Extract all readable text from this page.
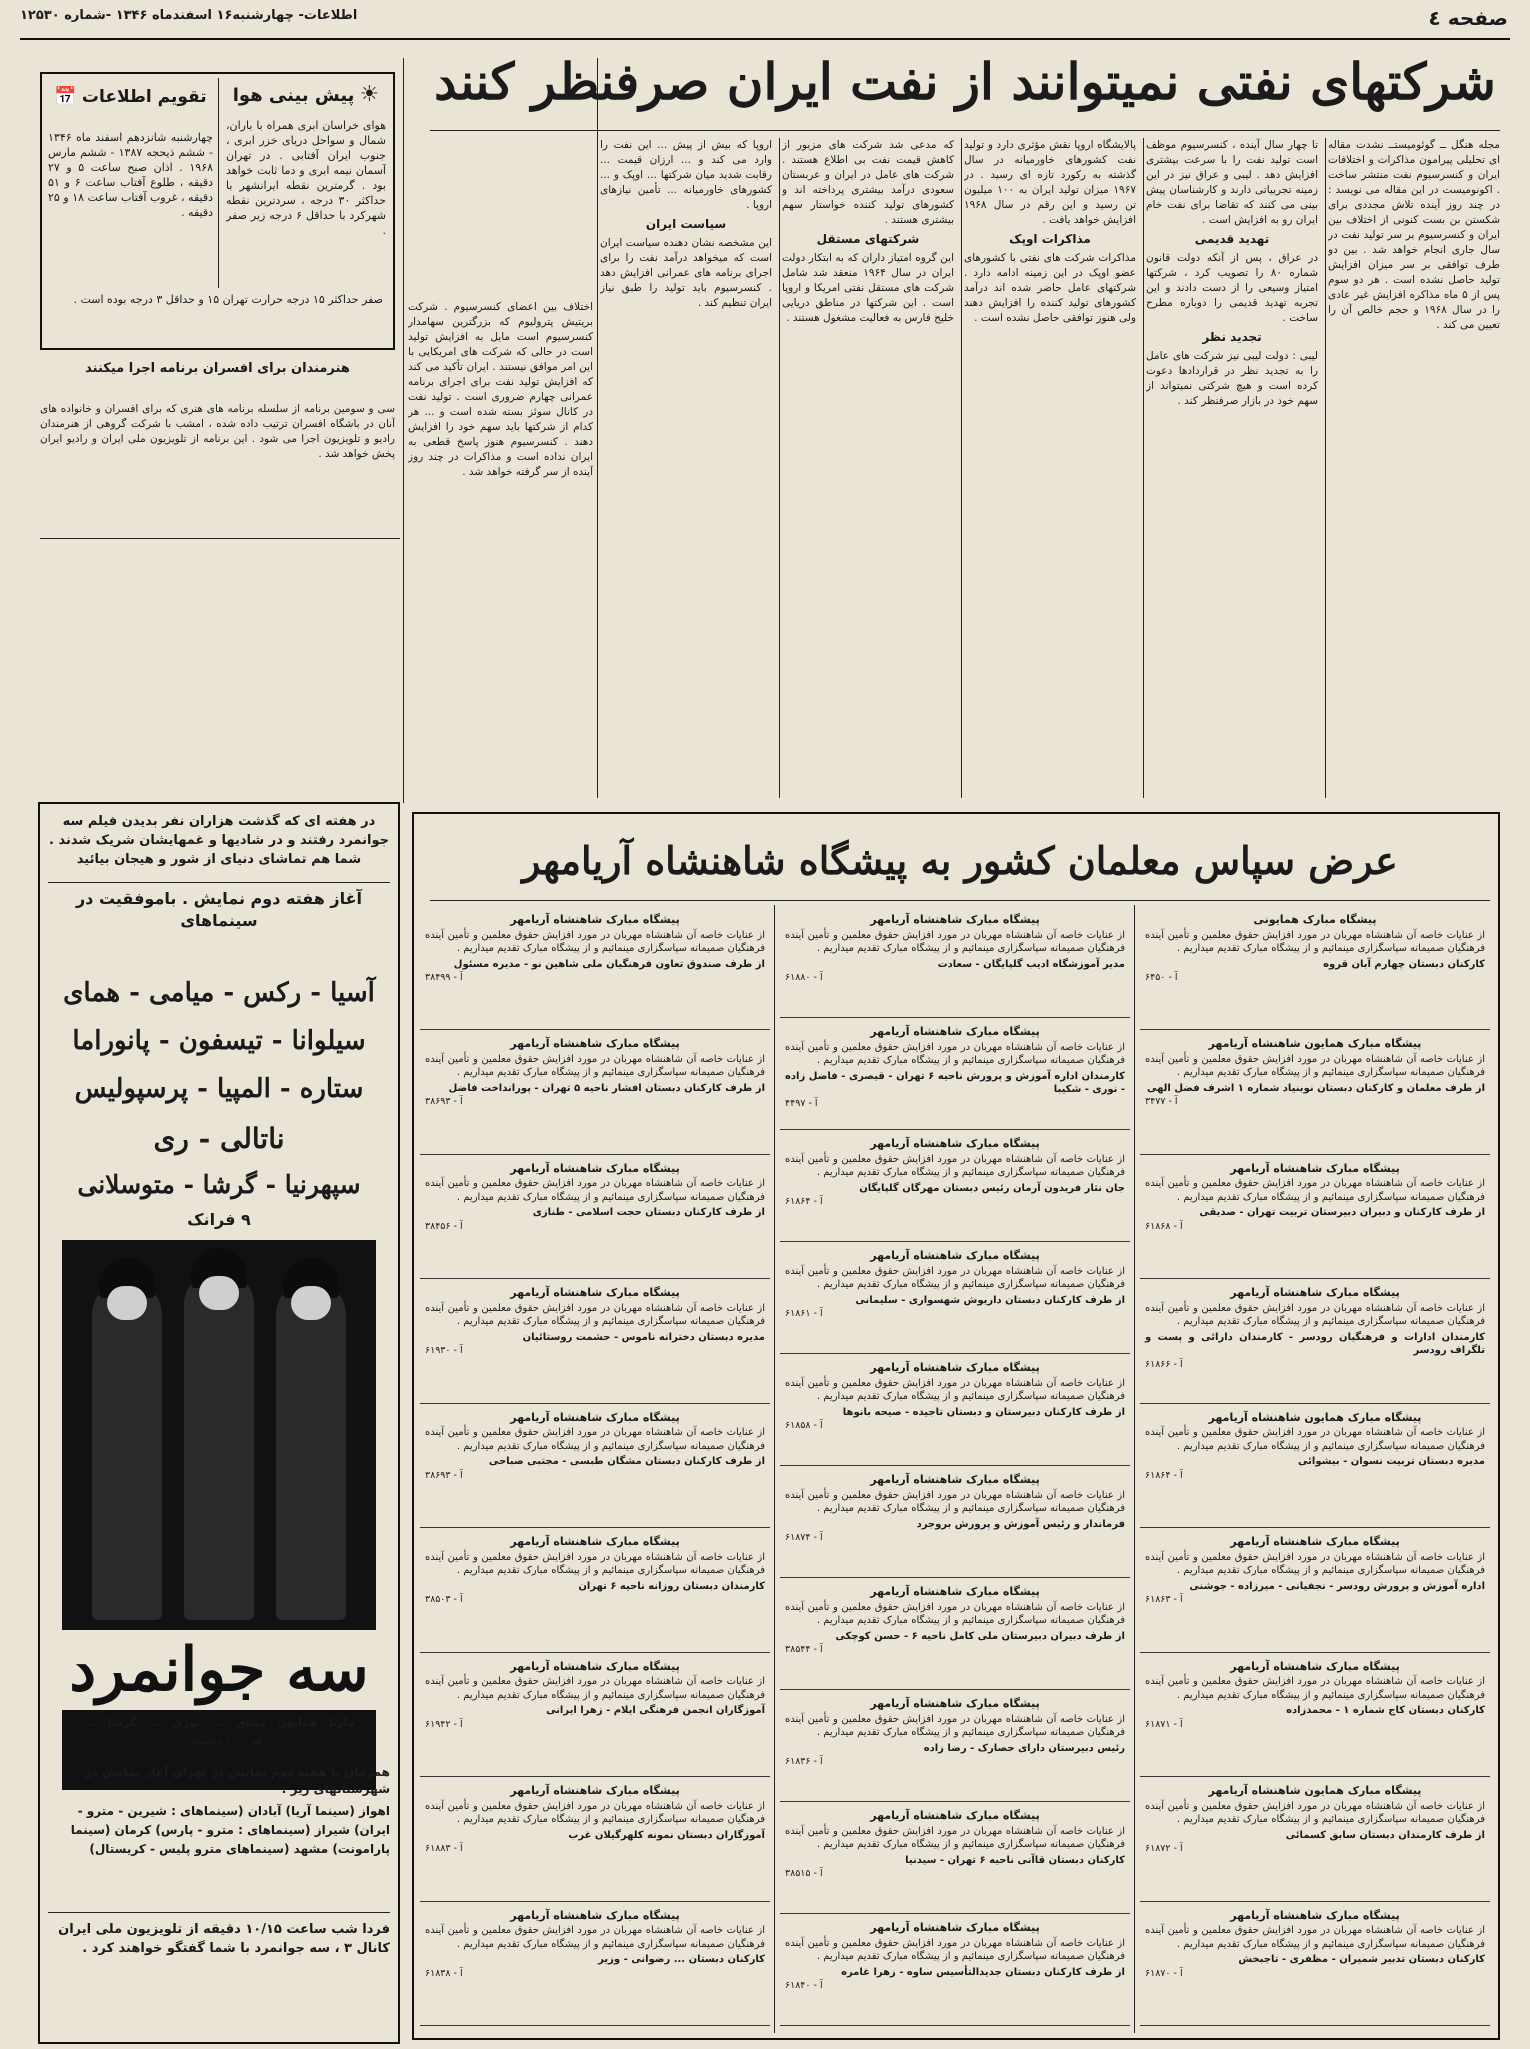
صفحه ٤
اطلاعات- چهارشنبه۱۶ اسفندماه ۱۳۴۶ -شماره ۱۲۵۳۰
شرکتهای نفتی نمیتوانند از نفت ایران صرفنظر کنند
مجله هنگل ــ گوئومیستــ نشدت مقاله ای تحلیلی پیرامون مذاکرات و اختلافات ایران و کنسرسیوم نفت منتشر ساخت . اکونومیست در این مقاله می نویسد : در چند روز آینده تلاش مجددی برای شکستن بن بست کنونی از اختلاف بین ایران و کنسرسیوم بر سر تولید نفت در سال جاری انجام خواهد شد . بین دو طرف توافقی بر سر میزان افزایش تولید حاصل نشده است . هر دو سوم پس از ۵ ماه مذاکره افزایش غیر عادی را در سال ۱۹۶۸ و حجم خالص آن را تعیین می کند .
تا چهار سال آینده ، کنسرسیوم موظف است تولید نفت را با سرعت بیشتری افزایش دهد . لیبی و عراق نیز در این زمینه تجربیاتی دارند و کارشناسان پیش بینی می کنند که تقاضا برای نفت خام ایران رو به افزایش است .
تهدید قدیمی
در عراق ، پس از آنکه دولت قانون شماره ۸۰ را تصویب کرد ، شرکتها امتیاز وسیعی را از دست دادند و این تجربه تهدید قدیمی را دوباره مطرح ساخت .
تجدید نظر
لیبی : دولت لیبی نیز شرکت های عامل را به تجدید نظر در قراردادها دعوت کرده است و هیچ شرکتی نمیتواند از سهم خود در بازار صرفنظر کند .
پالایشگاه اروپا نقش مؤثری دارد و تولید نفت کشورهای خاورمیانه در سال گذشته به رکورد تازه ای رسید . در ۱۹۶۷ میزان تولید ایران به ۱۰۰ میلیون تن رسید و این رقم در سال ۱۹۶۸ افزایش خواهد یافت .
مذاکرات اوپک
مذاکرات شرکت های نفتی با کشورهای عضو اوپک در این زمینه ادامه دارد . شرکتهای عامل حاضر شده اند درآمد کشورهای تولید کننده را افزایش دهند ولی هنوز توافقی حاصل نشده است .
که مدعی شد شرکت های مزبور از کاهش قیمت نفت بی اطلاع هستند . شرکت های عامل در ایران و عربستان سعودی درآمد بیشتری پرداخته اند و کشورهای تولید کننده خواستار سهم بیشتری هستند .
شرکتهای مستقل
این گروه امتیاز داران که به ابتکار دولت ایران در سال ۱۹۶۴ منعقد شد شامل شرکت های مستقل نفتی امریکا و اروپا است . این شرکتها در مناطق دریایی خلیج فارس به فعالیت مشغول هستند .
اروپا که بیش از پیش ... این نفت را وارد می کند و ... ارزان قیمت ... رقابت شدید میان شرکتها ... اوپک و ... کشورهای خاورمیانه ... تأمین نیازهای اروپا .
سیاست ایران
این مشخصه نشان دهنده سیاست ایران است که میخواهد درآمد نفت را برای اجرای برنامه های عمرانی افزایش دهد . کنسرسیوم باید تولید را طبق نیاز ایران تنظیم کند .
اختلاف بین اعضای کنسرسیوم . شرکت بریتیش پترولیوم که بزرگترین سهامدار کنسرسیوم است مایل به افزایش تولید است در حالی که شرکت های امریکایی با این امر موافق نیستند . ایران تأکید می کند که افزایش تولید نفت برای اجرای برنامه عمرانی چهارم ضروری است . تولید نفت در کانال سوئز بسته شده است و ... هر کدام از شرکتها باید سهم خود را افزایش دهند . کنسرسیوم هنوز پاسخ قطعی به ایران نداده است و مذاکرات در چند روز آینده از سر گرفته خواهد شد .
☀ پیش بینی هوا
هوای خراسان ابری همراه با باران، شمال و سواحل دریای خزر ابری ، جنوب ایران آفتابی . در تهران آسمان نیمه ابری و دما ثابت خواهد بود . گرمترین نقطه ایرانشهر با حداکثر ۳۰ درجه ، سردترین نقطه شهرکرد با حداقل ۶ درجه زیر صفر .
تقویم اطلاعات 📅
چهارشنبه شانزدهم اسفند ماه ۱۳۴۶ - ششم ذیحجه ۱۳۸۷ - ششم مارس ۱۹۶۸ . اذان صبح ساعت ۵ و ۲۷ دقیقه ، طلوع آفتاب ساعت ۶ و ۵۱ دقیقه ، غروب آفتاب ساعت ۱۸ و ۲۵ دقیقه .
صفر حداکثر ۱۵ درجه حرارت تهران ۱۵ و حداقل ۳ درجه بوده است .
هنرمندان برای افسران برنامه اجرا میکنند
سی و سومین برنامه از سلسله برنامه های هنری که برای افسران و خانواده های آنان در باشگاه افسران ترتیب داده شده ، امشب با شرکت گروهی از هنرمندان رادیو و تلویزیون اجرا می شود . این برنامه از تلویزیون ملی ایران و رادیو ایران پخش خواهد شد .
در هفته ای که گذشت هزاران نفر بدیدن فیلم سه جوانمرد رفتند و در شادیها و غمهایشان شریک شدند . شما هم تماشای دنیای از شور و هیجان بیائید
آغاز هفته دوم نمایش . باموفقیت در سینماهای
آسیا - رکس - میامی - همای
سیلوانا - تیسفون - پانوراما
ستاره - المپیا - پرسپولیس
ناتالی - ری
سپهرنیا - گرشا - متوسلانی
۹ فرانک
سه جوانمرد
مارتا . همایون . میثاق . ... . نوری . ... . گرشا . ...
رهبر: ... | موسیقی: ...
همزمان با هفته دوم نمایش در تهران آغاز نمایش در شهرستانهای زیر :
اهواز (سینما آریا) آبادان (سینماهای : شیرین - مترو - ایران) شیراز (سینماهای : مترو - پارس) کرمان (سینما پارامونت) مشهد (سینماهای مترو پلیس - کریستال)
فردا شب ساعت ۱۰/۱۵ دقیقه از تلویزیون ملی ایران کانال ۳ ، سه جوانمرد با شما گفتگو خواهند کرد .
عرض سپاس معلمان کشور به پیشگاه شاهنشاه آریامهر
پیشگاه مبارک همایونی
از عنایات خاصه آن شاهنشاه مهربان در مورد افزایش حقوق معلمین و تأمین آینده فرهنگیان صمیمانه سپاسگزاری مینمائیم و از پیشگاه مبارک تقدیم میداریم .
کارکنان دبستان چهارم آبان قروه
آ - ۶۴۵۰
پیشگاه مبارک همایون شاهنشاه آریامهر
از عنایات خاصه آن شاهنشاه مهربان در مورد افزایش حقوق معلمین و تأمین آینده فرهنگیان صمیمانه سپاسگزاری مینمائیم و از پیشگاه مبارک تقدیم میداریم .
از طرف معلمان و کارکنان دبستان نوبنیاد شماره ۱ اشرف فضل الهی
آ - ۳۴۷۷
پیشگاه مبارک شاهنشاه آریامهر
از عنایات خاصه آن شاهنشاه مهربان در مورد افزایش حقوق معلمین و تأمین آینده فرهنگیان صمیمانه سپاسگزاری مینمائیم و از پیشگاه مبارک تقدیم میداریم .
از طرف کارکنان و دبیران دبیرستان تربیت تهران - صدیقی
آ - ۶۱۸۶۸
پیشگاه مبارک شاهنشاه آریامهر
از عنایات خاصه آن شاهنشاه مهربان در مورد افزایش حقوق معلمین و تأمین آینده فرهنگیان صمیمانه سپاسگزاری مینمائیم و از پیشگاه مبارک تقدیم میداریم .
کارمندان ادارات و فرهنگیان رودسر - کارمندان دارائی و پست و تلگراف رودسر
آ - ۶۱۸۶۶
پیشگاه مبارک همایون شاهنشاه آریامهر
از عنایات خاصه آن شاهنشاه مهربان در مورد افزایش حقوق معلمین و تأمین آینده فرهنگیان صمیمانه سپاسگزاری مینمائیم و از پیشگاه مبارک تقدیم میداریم .
مدیره دبستان تربیت نسوان - بیشوائی
آ - ۶۱۸۶۴
پیشگاه مبارک شاهنشاه آریامهر
از عنایات خاصه آن شاهنشاه مهربان در مورد افزایش حقوق معلمین و تأمین آینده فرهنگیان صمیمانه سپاسگزاری مینمائیم و از پیشگاه مبارک تقدیم میداریم .
اداره آموزش و پرورش رودسر - نجفیانی - میرزاده - جوشنی
آ - ۶۱۸۶۳
پیشگاه مبارک شاهنشاه آریامهر
از عنایات خاصه آن شاهنشاه مهربان در مورد افزایش حقوق معلمین و تأمین آینده فرهنگیان صمیمانه سپاسگزاری مینمائیم و از پیشگاه مبارک تقدیم میداریم .
کارکنان دبستان کاج شماره ۱ - محمدزاده
آ - ۶۱۸۷۱
پیشگاه مبارک همایون شاهنشاه آریامهر
از عنایات خاصه آن شاهنشاه مهربان در مورد افزایش حقوق معلمین و تأمین آینده فرهنگیان صمیمانه سپاسگزاری مینمائیم و از پیشگاه مبارک تقدیم میداریم .
از طرف کارمندان دبستان سابق کسمائی
آ - ۶۱۸۷۲
پیشگاه مبارک شاهنشاه آریامهر
از عنایات خاصه آن شاهنشاه مهربان در مورد افزایش حقوق معلمین و تأمین آینده فرهنگیان صمیمانه سپاسگزاری مینمائیم و از پیشگاه مبارک تقدیم میداریم .
کارکنان دبستان تدبیر شمیران - مظفری - تاجبخش
آ - ۶۱۸۷۰
پیشگاه مبارک شاهنشاه آریامهر
از عنایات خاصه آن شاهنشاه مهربان در مورد افزایش حقوق معلمین و تأمین آینده فرهنگیان صمیمانه سپاسگزاری مینمائیم و از پیشگاه مبارک تقدیم میداریم .
مدیر آموزشگاه ادیب گلپایگان - سعادت
آ - ۶۱۸۸۰
پیشگاه مبارک شاهنشاه آریامهر
از عنایات خاصه آن شاهنشاه مهربان در مورد افزایش حقوق معلمین و تأمین آینده فرهنگیان صمیمانه سپاسگزاری مینمائیم و از پیشگاه مبارک تقدیم میداریم .
کارمندان اداره آموزش و پرورش ناحیه ۶ تهران - قیصری - فاضل زاده - نوری - شکیبا
آ - ۴۴۹۷
پیشگاه مبارک شاهنشاه آریامهر
از عنایات خاصه آن شاهنشاه مهربان در مورد افزایش حقوق معلمین و تأمین آینده فرهنگیان صمیمانه سپاسگزاری مینمائیم و از پیشگاه مبارک تقدیم میداریم .
جان نثار فریدون آرمان رئیس دبستان مهرگان گلپایگان
آ - ۶۱۸۶۴
پیشگاه مبارک شاهنشاه آریامهر
از عنایات خاصه آن شاهنشاه مهربان در مورد افزایش حقوق معلمین و تأمین آینده فرهنگیان صمیمانه سپاسگزاری مینمائیم و از پیشگاه مبارک تقدیم میداریم .
از طرف کارکنان دبستان داریوش شهسواری - سلیمانی
آ - ۶۱۸۶۱
پیشگاه مبارک شاهنشاه آریامهر
از عنایات خاصه آن شاهنشاه مهربان در مورد افزایش حقوق معلمین و تأمین آینده فرهنگیان صمیمانه سپاسگزاری مینمائیم و از پیشگاه مبارک تقدیم میداریم .
از طرف کارکنان دبیرستان و دبستان تاجیده - صیحه بانوها
آ - ۶۱۸۵۸
پیشگاه مبارک شاهنشاه آریامهر
از عنایات خاصه آن شاهنشاه مهربان در مورد افزایش حقوق معلمین و تأمین آینده فرهنگیان صمیمانه سپاسگزاری مینمائیم و از پیشگاه مبارک تقدیم میداریم .
فرماندار و رئیس آموزش و پرورش بروجرد
آ - ۶۱۸۷۴
پیشگاه مبارک شاهنشاه آریامهر
از عنایات خاصه آن شاهنشاه مهربان در مورد افزایش حقوق معلمین و تأمین آینده فرهنگیان صمیمانه سپاسگزاری مینمائیم و از پیشگاه مبارک تقدیم میداریم .
از طرف دبیران دبیرستان ملی کامل ناحیه ۶ - حسن کوچکی
آ - ۳۸۵۴۴
پیشگاه مبارک شاهنشاه آریامهر
از عنایات خاصه آن شاهنشاه مهربان در مورد افزایش حقوق معلمین و تأمین آینده فرهنگیان صمیمانه سپاسگزاری مینمائیم و از پیشگاه مبارک تقدیم میداریم .
رئیس دبیرستان دارای حصارک - رضا زاده
آ - ۶۱۸۳۶
پیشگاه مبارک شاهنشاه آریامهر
از عنایات خاصه آن شاهنشاه مهربان در مورد افزایش حقوق معلمین و تأمین آینده فرهنگیان صمیمانه سپاسگزاری مینمائیم و از پیشگاه مبارک تقدیم میداریم .
کارکنان دبستان قاآنی ناحیه ۶ تهران - سیدنیا
آ - ۳۸۵۱۵
پیشگاه مبارک شاهنشاه آریامهر
از عنایات خاصه آن شاهنشاه مهربان در مورد افزایش حقوق معلمین و تأمین آینده فرهنگیان صمیمانه سپاسگزاری مینمائیم و از پیشگاه مبارک تقدیم میداریم .
از طرف کارکنان دبستان جدیدالتأسیس ساوه - زهرا غامره
آ - ۶۱۸۴۰
پیشگاه مبارک شاهنشاه آریامهر
از عنایات خاصه آن شاهنشاه مهربان در مورد افزایش حقوق معلمین و تأمین آینده فرهنگیان صمیمانه سپاسگزاری مینمائیم و از پیشگاه مبارک تقدیم میداریم .
از طرف صندوق تعاون فرهنگیان ملی شاهین نو - مدیره مسئول
آ - ۳۸۴۹۹
پیشگاه مبارک شاهنشاه آریامهر
از عنایات خاصه آن شاهنشاه مهربان در مورد افزایش حقوق معلمین و تأمین آینده فرهنگیان صمیمانه سپاسگزاری مینمائیم و از پیشگاه مبارک تقدیم میداریم .
از طرف کارکنان دبستان افشار ناحیه ۵ تهران - پورانداخت فاضل
آ - ۳۸۶۹۳
پیشگاه مبارک شاهنشاه آریامهر
از عنایات خاصه آن شاهنشاه مهربان در مورد افزایش حقوق معلمین و تأمین آینده فرهنگیان صمیمانه سپاسگزاری مینمائیم و از پیشگاه مبارک تقدیم میداریم .
از طرف کارکنان دبستان حجت اسلامی - طنازی
آ - ۳۸۴۵۶
پیشگاه مبارک شاهنشاه آریامهر
از عنایات خاصه آن شاهنشاه مهربان در مورد افزایش حقوق معلمین و تأمین آینده فرهنگیان صمیمانه سپاسگزاری مینمائیم و از پیشگاه مبارک تقدیم میداریم .
مدیره دبستان دخترانه ناموس - حشمت روستائیان
آ - ۶۱۹۳۰
پیشگاه مبارک شاهنشاه آریامهر
از عنایات خاصه آن شاهنشاه مهربان در مورد افزایش حقوق معلمین و تأمین آینده فرهنگیان صمیمانه سپاسگزاری مینمائیم و از پیشگاه مبارک تقدیم میداریم .
از طرف کارکنان دبستان مشگان طبسی - مجتبی صباحی
آ - ۳۸۶۹۳
پیشگاه مبارک شاهنشاه آریامهر
از عنایات خاصه آن شاهنشاه مهربان در مورد افزایش حقوق معلمین و تأمین آینده فرهنگیان صمیمانه سپاسگزاری مینمائیم و از پیشگاه مبارک تقدیم میداریم .
کارمندان دبستان روزانه ناحیه ۶ تهران
آ - ۳۸۵۰۳
پیشگاه مبارک شاهنشاه آریامهر
از عنایات خاصه آن شاهنشاه مهربان در مورد افزایش حقوق معلمین و تأمین آینده فرهنگیان صمیمانه سپاسگزاری مینمائیم و از پیشگاه مبارک تقدیم میداریم .
آموزگاران انجمن فرهنگی ایلام - زهرا ایرانی
آ - ۶۱۹۴۲
پیشگاه مبارک شاهنشاه آریامهر
از عنایات خاصه آن شاهنشاه مهربان در مورد افزایش حقوق معلمین و تأمین آینده فرهنگیان صمیمانه سپاسگزاری مینمائیم و از پیشگاه مبارک تقدیم میداریم .
آموزگاران دبستان نمونه کلهرگیلان غرب
آ - ۶۱۸۸۳
پیشگاه مبارک شاهنشاه آریامهر
از عنایات خاصه آن شاهنشاه مهربان در مورد افزایش حقوق معلمین و تأمین آینده فرهنگیان صمیمانه سپاسگزاری مینمائیم و از پیشگاه مبارک تقدیم میداریم .
کارکنان دبستان ... رضوانی - وزیر
آ - ۶۱۸۳۸
